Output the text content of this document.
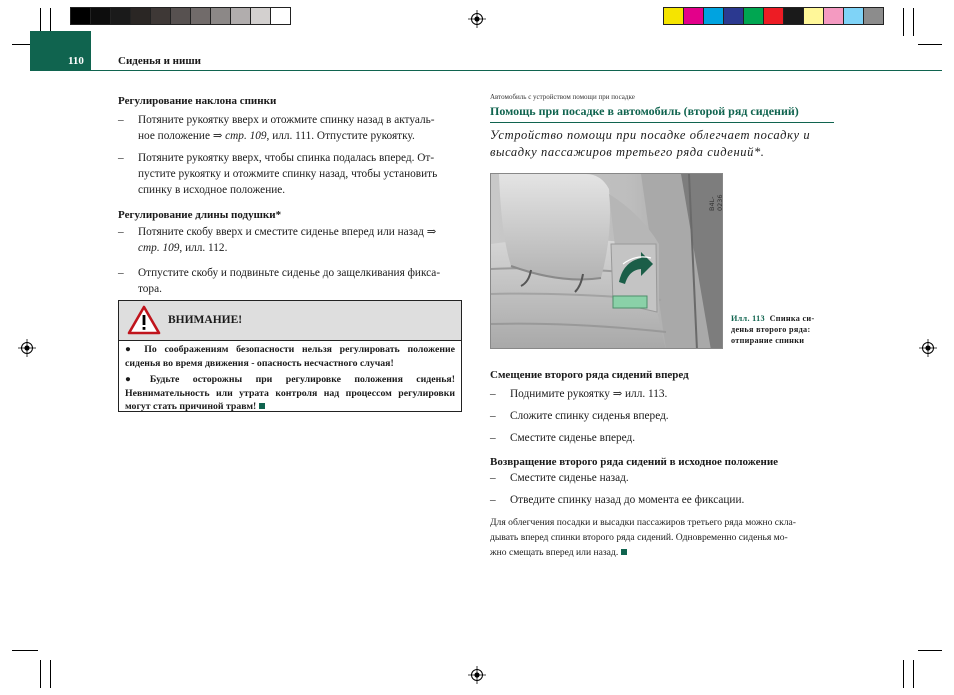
110	Сиденья и ниши
Регулирование наклона спинки
– Потяните рукоятку вверх и отожмите спинку назад в актуаль-
ное положение ⇒ стр. 109, илл. 111. Отпустите рукоятку.
– Потяните рукоятку вверх, чтобы спинка подалась вперед. От-
пустите рукоятку и отожмите спинку назад, чтобы установить
спинку в исходное положение.
Регулирование длины подушки*
– Потяните скобу вверх и сместите сиденье вперед или назад ⇒
стр. 109, илл. 112.
– Отпустите скобу и подвиньте сиденье до защелкивания фикса-
тора.
ВНИМАНИЕ!
● По соображениям безопасности нельзя регулировать положение сиденья во время движения - опасность несчастного случая!
● Будьте осторожны при регулировке положения сиденья! Невнимательность или утрата контроля над процессом регулировки могут стать причиной травм!
Автомобиль с устройством помощи при посадке
Помощь при посадке в автомобиль (второй ряд сидений)
Устройство помощи при посадке облегчает посадку и
высадку пассажиров третьего ряда сидений*.
B4L-0236
Илл. 113 Спинка си-
денья второго ряда:
отпирание спинки
Смещение второго ряда сидений вперед
– Поднимите рукоятку ⇒ илл. 113.
– Сложите спинку сиденья вперед.
– Сместите сиденье вперед.
Возвращение второго ряда сидений в исходное положение
– Сместите сиденье назад.
– Отведите спинку назад до момента ее фиксации.
Для облегчения посадки и высадки пассажиров третьего ряда можно скла-
дывать вперед спинки второго ряда сидений. Одновременно сиденья мо-
жно смещать вперед или назад.
